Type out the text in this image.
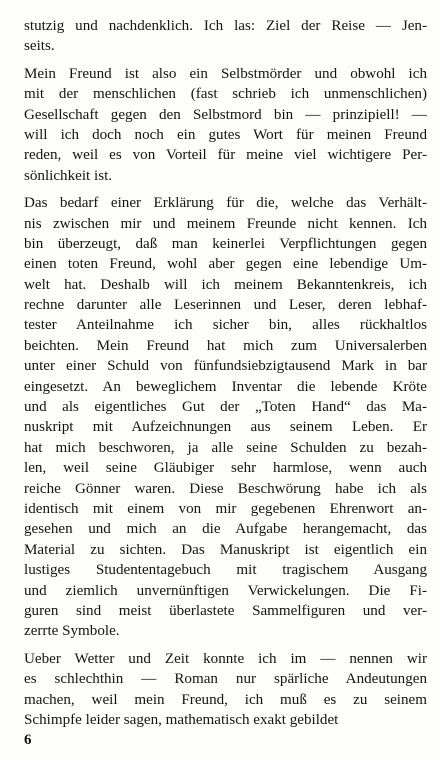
stutzig und nachdenklich. Ich las: Ziel der Reise — Jen-
seits.
Mein Freund ist also ein Selbstmörder und obwohl ich
mit der menschlichen (fast schrieb ich unmenschlichen)
Gesellschaft gegen den Selbstmord bin — prinzipiell! —
will ich doch noch ein gutes Wort für meinen Freund
reden, weil es von Vorteil für meine viel wichtigere Per-
sönlichkeit ist.
Das bedarf einer Erklärung für die, welche das Verhält-
nis zwischen mir und meinem Freunde nicht kennen. Ich
bin überzeugt, daß man keinerlei Verpflichtungen gegen
einen toten Freund, wohl aber gegen eine lebendige Um-
welt hat. Deshalb will ich meinem Bekanntenkreis, ich
rechne darunter alle Leserinnen und Leser, deren lebhaf-
tester Anteilnahme ich sicher bin, alles rückhaltlos
beichten. Mein Freund hat mich zum Universalerben
unter einer Schuld von fünfundsiebzigtausend Mark in bar
eingesetzt. An beweglichem Inventar die lebende Kröte
und als eigentliches Gut der „Toten Hand“ das Ma-
nuskript mit Aufzeichnungen aus seinem Leben. Er
hat mich beschworen, ja alle seine Schulden zu bezah-
len, weil seine Gläubiger sehr harmlose, wenn auch
reiche Gönner waren. Diese Beschwörung habe ich als
identisch mit einem von mir gegebenen Ehrenwort an-
gesehen und mich an die Aufgabe herangemacht, das
Material zu sichten. Das Manuskript ist eigentlich ein
lustiges Studententagebuch mit tragischem Ausgang
und ziemlich unvernünftigen Verwickelungen. Die Fi-
guren sind meist überlastete Sammelfiguren und ver-
zerrte Symbole.
Ueber Wetter und Zeit konnte ich im — nennen wir
es schlechthin — Roman nur spärliche Andeutungen
machen, weil mein Freund, ich muß es zu seinem
Schimpfe leider sagen, mathematisch exakt gebildet
6
